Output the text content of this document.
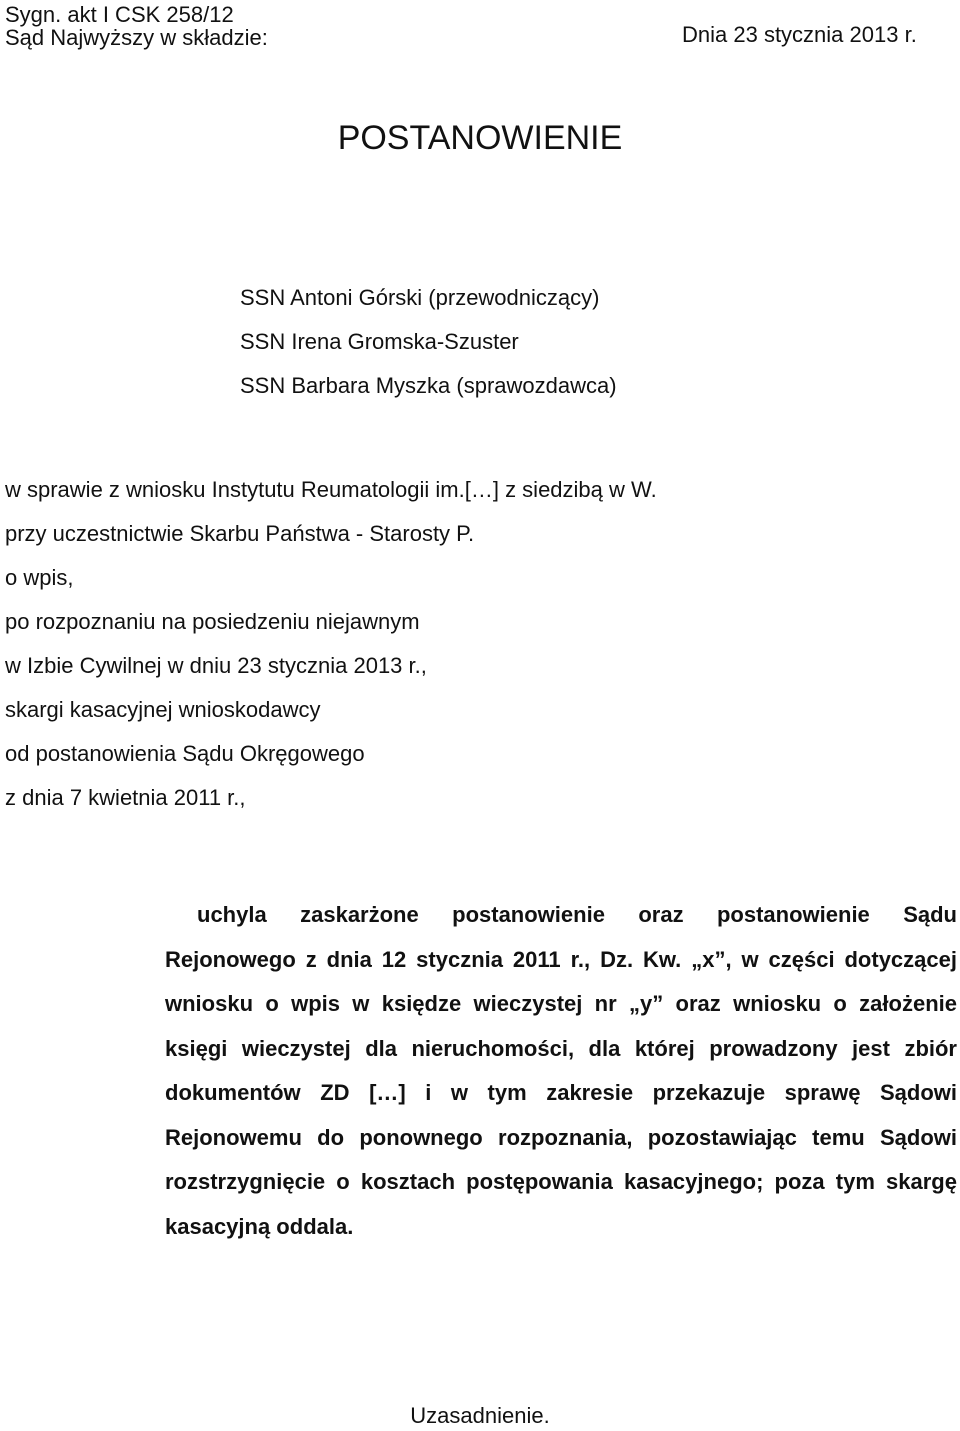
Sygn. akt I CSK 258/12
Dnia 23 stycznia 2013 r.
Sąd Najwyższy w składzie:
POSTANOWIENIE
SSN Antoni Górski (przewodniczący)
SSN Irena Gromska-Szuster
SSN Barbara Myszka (sprawozdawca)
w sprawie z wniosku Instytutu Reumatologii im.[…] z siedzibą w W.
przy uczestnictwie Skarbu Państwa - Starosty P.
o wpis,
po rozpoznaniu na posiedzeniu niejawnym
w Izbie Cywilnej w dniu 23 stycznia 2013 r.,
skargi kasacyjnej wnioskodawcy
od postanowienia Sądu Okręgowego
z dnia 7 kwietnia 2011 r.,

uchyla zaskarżone postanowienie oraz postanowienie Sądu Rejonowego z dnia 12 stycznia 2011 r., Dz. Kw. „x”, w części dotyczącej wniosku o wpis w księdze wieczystej nr „y” oraz wniosku o założenie księgi wieczystej dla nieruchomości, dla której prowadzony jest zbiór dokumentów ZD […] i w tym zakresie przekazuje sprawę Sądowi Rejonowemu do ponownego rozpoznania, pozostawiając temu Sądowi rozstrzygnięcie o kosztach postępowania kasacyjnego; poza tym skargę kasacyjną oddala.

Uzasadnienie.
